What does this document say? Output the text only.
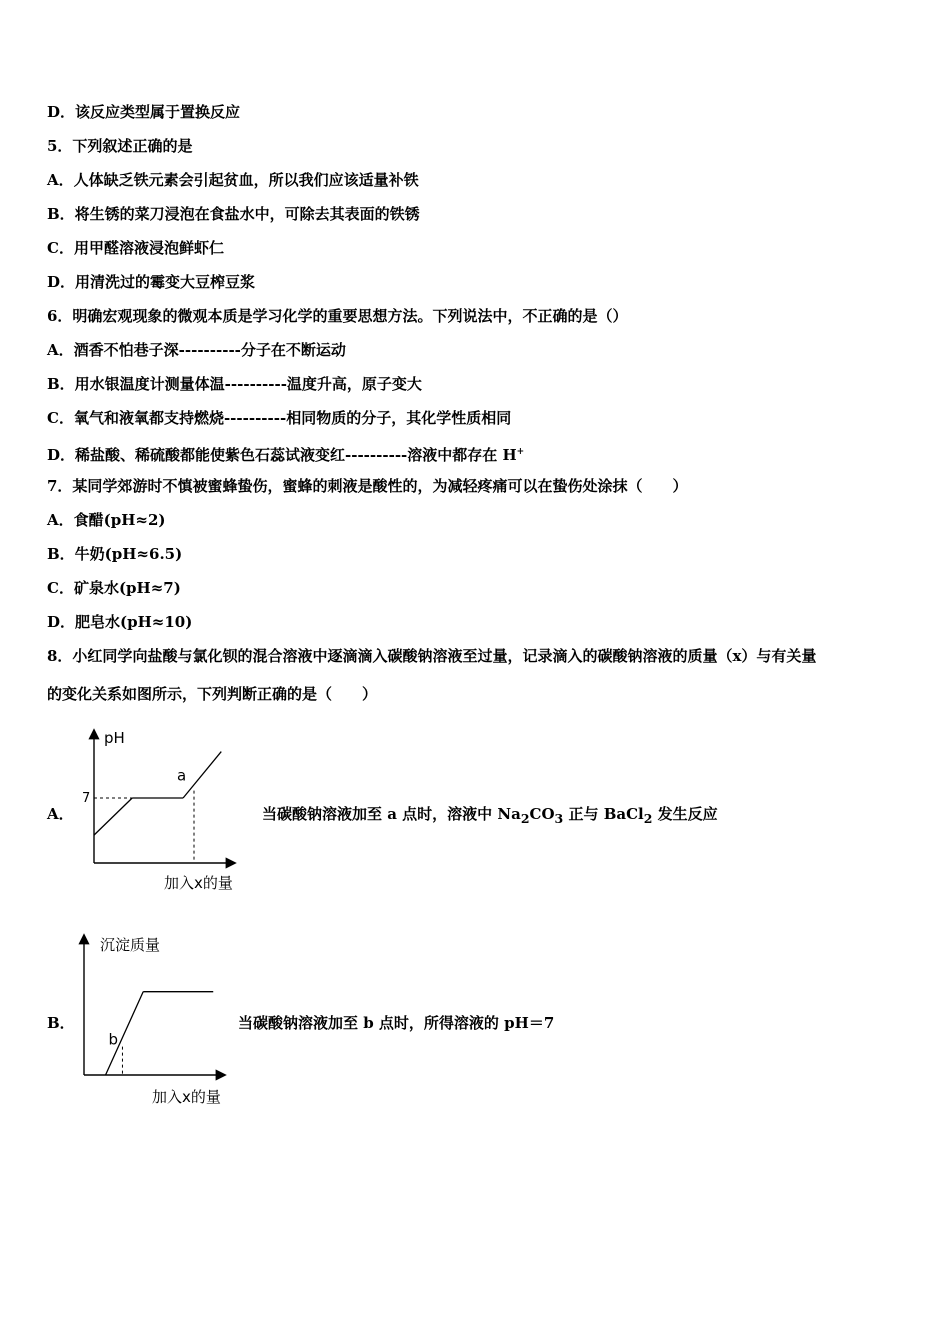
D．该反应类型属于置换反应
5．下列叙述正确的是
A．人体缺乏铁元素会引起贫血，所以我们应该适量补铁
B．将生锈的菜刀浸泡在食盐水中，可除去其表面的铁锈
C．用甲醛溶液浸泡鲜虾仁
D．用清洗过的霉变大豆榨豆浆
6．明确宏观现象的微观本质是学习化学的重要思想方法。下列说法中，不正确的是（）
A．酒香不怕巷子深----------分子在不断运动
B．用水银温度计测量体温----------温度升高，原子变大
C．氧气和液氧都支持燃烧----------相同物质的分子，其化学性质相同
D．稀盐酸、稀硫酸都能使紫色石蕊试液变红----------溶液中都存在 H+
7．某同学郊游时不慎被蜜蜂蛰伤，蜜蜂的刺液是酸性的，为减轻疼痛可以在蛰伤处涂抹（　　）
A．食醋(pH≈2)
B．牛奶(pH≈6.5)
C．矿泉水(pH≈7)
D．肥皂水(pH≈10)
8．小红同学向盐酸与氯化钡的混合溶液中逐滴滴入碳酸钠溶液至过量，记录滴入的碳酸钠溶液的质量（x）与有关量
的变化关系如图所示，下列判断正确的是（　　）
A．	当碳酸钠溶液加至 a 点时，溶液中 $Na_2CO_3$ 正与 BaCl$_2$ 发生反应
pH
加入x的量
7
a
B．	当碳酸钠溶液加至 b 点时，所得溶液的 pH＝7
沉淀质量
加入x的量
b
